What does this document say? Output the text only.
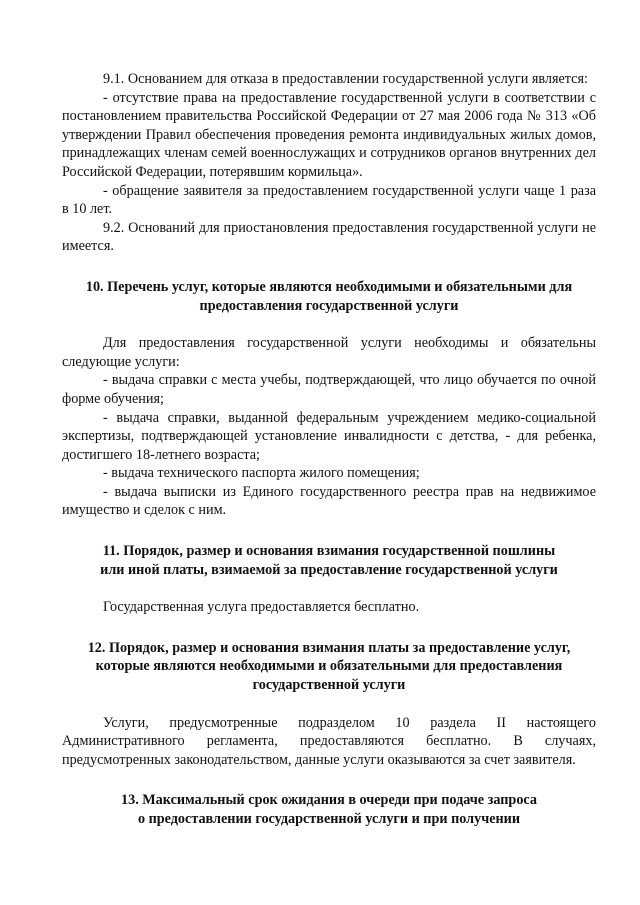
9.1. Основанием для отказа в предоставлении государственной услуги является:

- отсутствие права на предоставление государственной услуги в соответствии с постановлением правительства Российской Федерации от 27 мая 2006 года № 313 «Об утверждении Правил обеспечения проведения ремонта индивидуальных жилых домов, принадлежащих членам семей военнослужащих и сотрудников органов внутренних дел Российской Федерации, потерявшим кормильца».

- обращение заявителя за предоставлением государственной услуги чаще 1 раза в 10 лет.

9.2. Оснований для приостановления предоставления государственной услуги не имеется.

10. Перечень услуг, которые являются необходимыми и обязательными для
предоставления государственной услуги

Для предоставления государственной услуги необходимы и обязательны следующие услуги:

- выдача справки с места учебы, подтверждающей, что лицо обучается по очной форме обучения;

- выдача справки, выданной федеральным учреждением медико-социальной экспертизы, подтверждающей установление инвалидности с детства, - для ребенка, достигшего 18-летнего возраста;

- выдача технического паспорта жилого помещения;

- выдача выписки из Единого государственного реестра прав на недвижимое имущество и сделок с ним.

11. Порядок, размер и основания взимания государственной пошлины
или иной платы, взимаемой за предоставление государственной услуги

Государственная услуга предоставляется бесплатно.

12. Порядок, размер и основания взимания платы за предоставление услуг,
которые являются необходимыми и обязательными для предоставления
государственной услуги

Услуги, предусмотренные подразделом 10 раздела II настоящего Административного регламента, предоставляются бесплатно. В случаях, предусмотренных законодательством, данные услуги оказываются за счет заявителя.

13. Максимальный срок ожидания в очереди при подаче запроса
о предоставлении государственной услуги и при получении
